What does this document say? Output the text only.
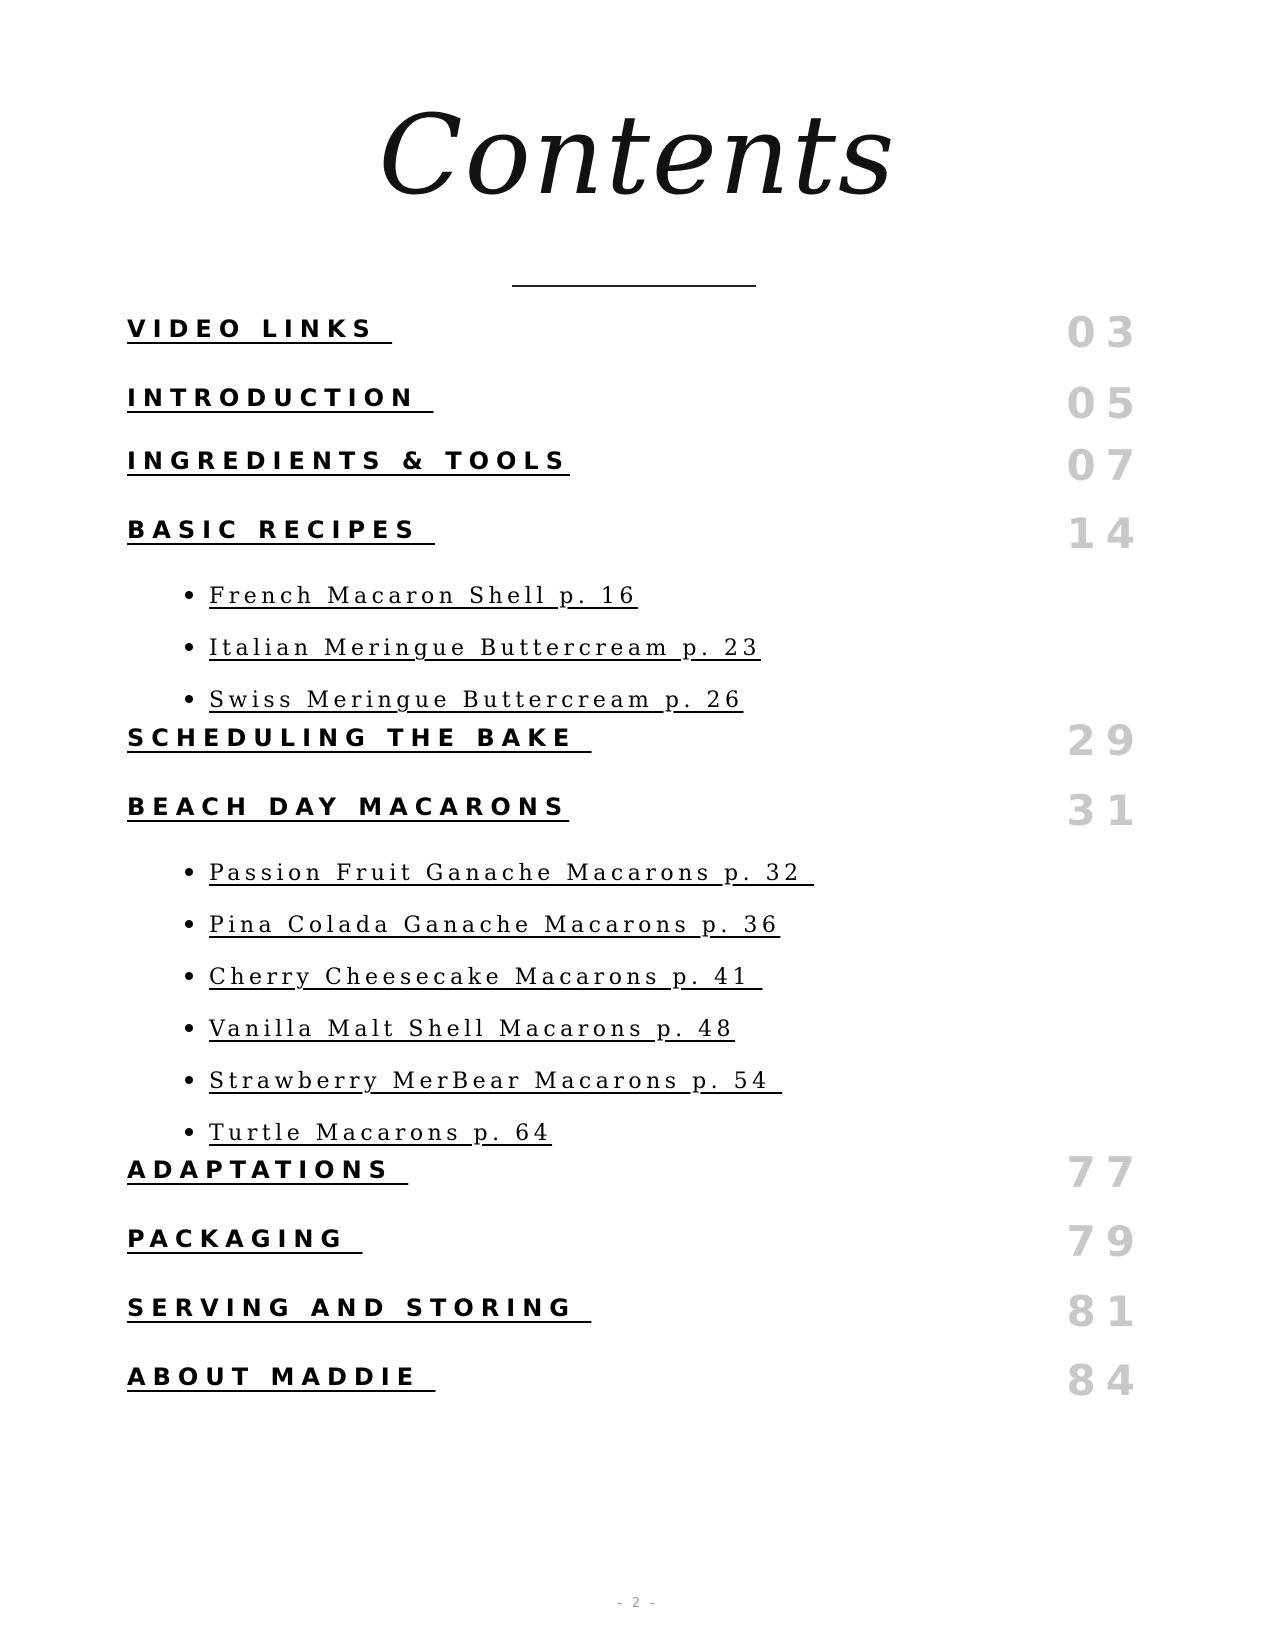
Contents
VIDEO LINKS	03
INTRODUCTION	05
INGREDIENTS & TOOLS	07
BASIC RECIPES	14

French Macaron Shell p. 16

Italian Meringue Buttercream p. 23

Swiss Meringue Buttercream p. 26

SCHEDULING THE BAKE	29
BEACH DAY MACARONS	31

Passion Fruit Ganache Macarons p. 32

Pina Colada Ganache Macarons p. 36

Cherry Cheesecake Macarons p. 41

Vanilla Malt Shell Macarons p. 48

Strawberry MerBear Macarons p. 54

Turtle Macarons p. 64

ADAPTATIONS	77
PACKAGING	79
SERVING AND STORING	81
ABOUT MADDIE	84
- 2 -
